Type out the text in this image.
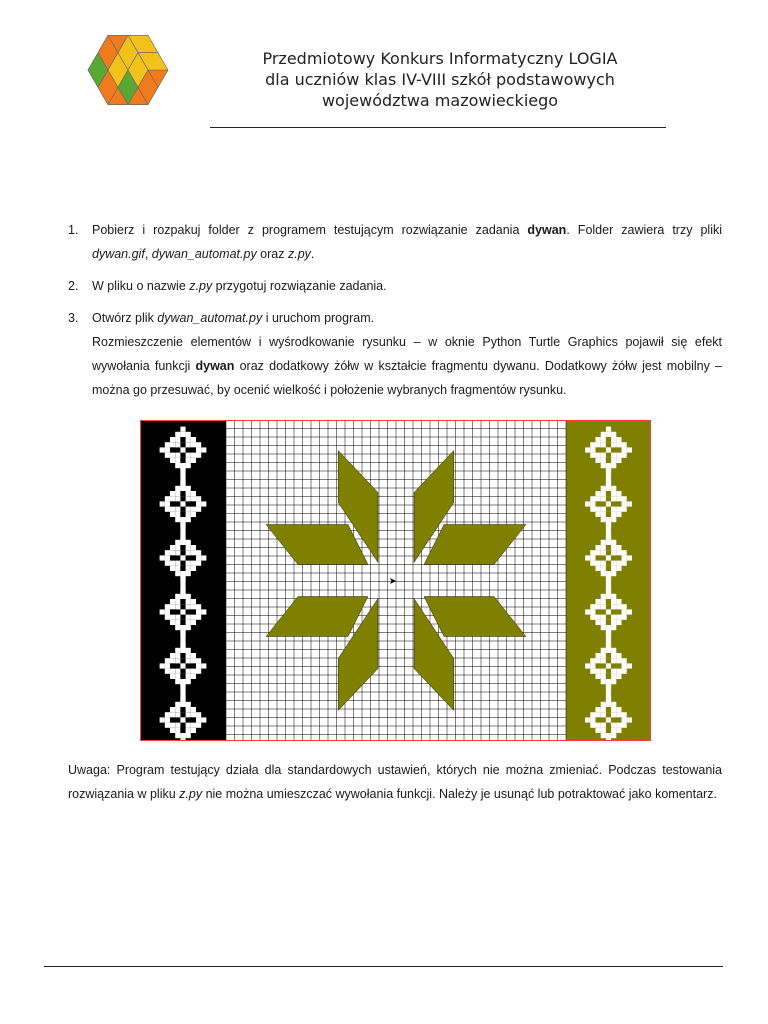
Przedmiotowy Konkurs Informatyczny LOGIA
dla uczniów klas IV-VIII szkół podstawowych
województwa mazowieckiego
1.	Pobierz i rozpakuj folder z programem testującym rozwiązanie zadania dywan. Folder zawiera trzy pliki dywan.gif, dywan_automat.py oraz z.py.
2.	W pliku o nazwie z.py przygotuj rozwiązanie zadania.
3.	Otwórz plik dywan_automat.py i uruchom program.
Rozmieszczenie elementów i wyśrodkowanie rysunku – w oknie Python Turtle Graphics pojawił się efekt wywołania funkcji dywan oraz dodatkowy żółw w kształcie fragmentu dywanu. Dodatkowy żółw jest mobilny – można go przesuwać, by ocenić wielkość i położenie wybranych fragmentów rysunku.
Uwaga: Program testujący działa dla standardowych ustawień, których nie można zmieniać. Podczas testowania rozwiązania w pliku z.py nie można umieszczać wywołania funkcji. Należy je usunąć lub potraktować jako komentarz.
